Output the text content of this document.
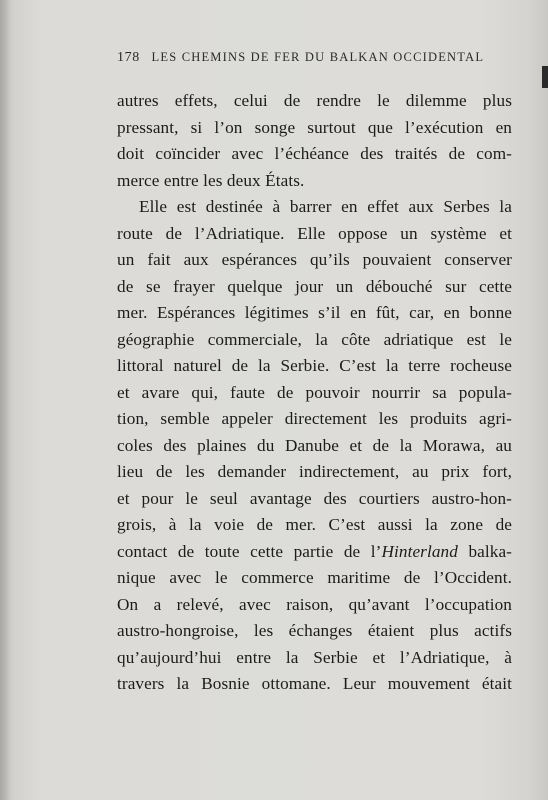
178 LES CHEMINS DE FER DU BALKAN OCCIDENTAL
autres effets, celui de rendre le dilemme plus
pressant, si l’on songe surtout que l’exécution en
doit coïncider avec l’échéance des traités de com-
merce entre les deux États.
Elle est destinée à barrer en effet aux Serbes la
route de l’Adriatique. Elle oppose un système et
un fait aux espérances qu’ils pouvaient conserver
de se frayer quelque jour un débouché sur cette
mer. Espérances légitimes s’il en fût, car, en bonne
géographie commerciale, la côte adriatique est le
littoral naturel de la Serbie. C’est la terre rocheuse
et avare qui, faute de pouvoir nourrir sa popula-
tion, semble appeler directement les produits agri-
coles des plaines du Danube et de la Morawa, au
lieu de les demander indirectement, au prix fort,
et pour le seul avantage des courtiers austro-hon-
grois, à la voie de mer. C’est aussi la zone de
contact de toute cette partie de l’Hinterland balka-
nique avec le commerce maritime de l’Occident.
On a relevé, avec raison, qu’avant l’occupation
austro-hongroise, les échanges étaient plus actifs
qu’aujourd’hui entre la Serbie et l’Adriatique, à
travers la Bosnie ottomane. Leur mouvement était
